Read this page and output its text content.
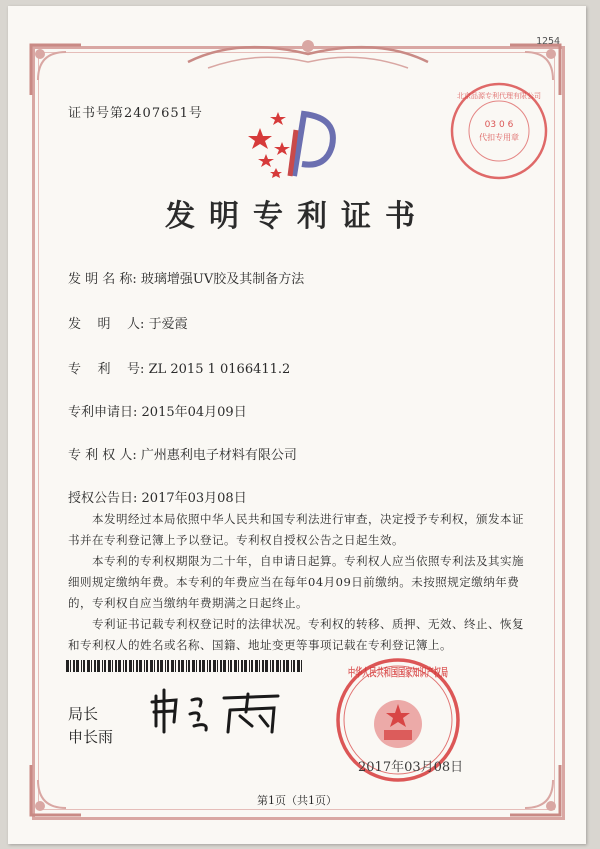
1254
证书号第2407651号
03 0 6
代扣专用章
北京品源专利代理有限公司
发明专利证书
发 明 名 称: 玻璃增强UV胶及其制备方法
发    明    人: 于爱霞
专    利    号: ZL 2015 1 0166411.2
专利申请日: 2015年04月09日
专 利 权 人: 广州惠利电子材料有限公司
授权公告日: 2017年03月08日

本发明经过本局依照中华人民共和国专利法进行审查，决定授予专利权，颁发本证书并在专利登记簿上予以登记。专利权自授权公告之日起生效。

本专利的专利权期限为二十年，自申请日起算。专利权人应当依照专利法及其实施细则规定缴纳年费。本专利的年费应当在每年04月09日前缴纳。未按照规定缴纳年费的，专利权自应当缴纳年费期满之日起终止。

专利证书记载专利权登记时的法律状况。专利权的转移、质押、无效、终止、恢复和专利权人的姓名或名称、国籍、地址变更等事项记载在专利登记簿上。

局长
申长雨
中华人民共和国国家知识产权局
2017年03月08日
第1页（共1页）
